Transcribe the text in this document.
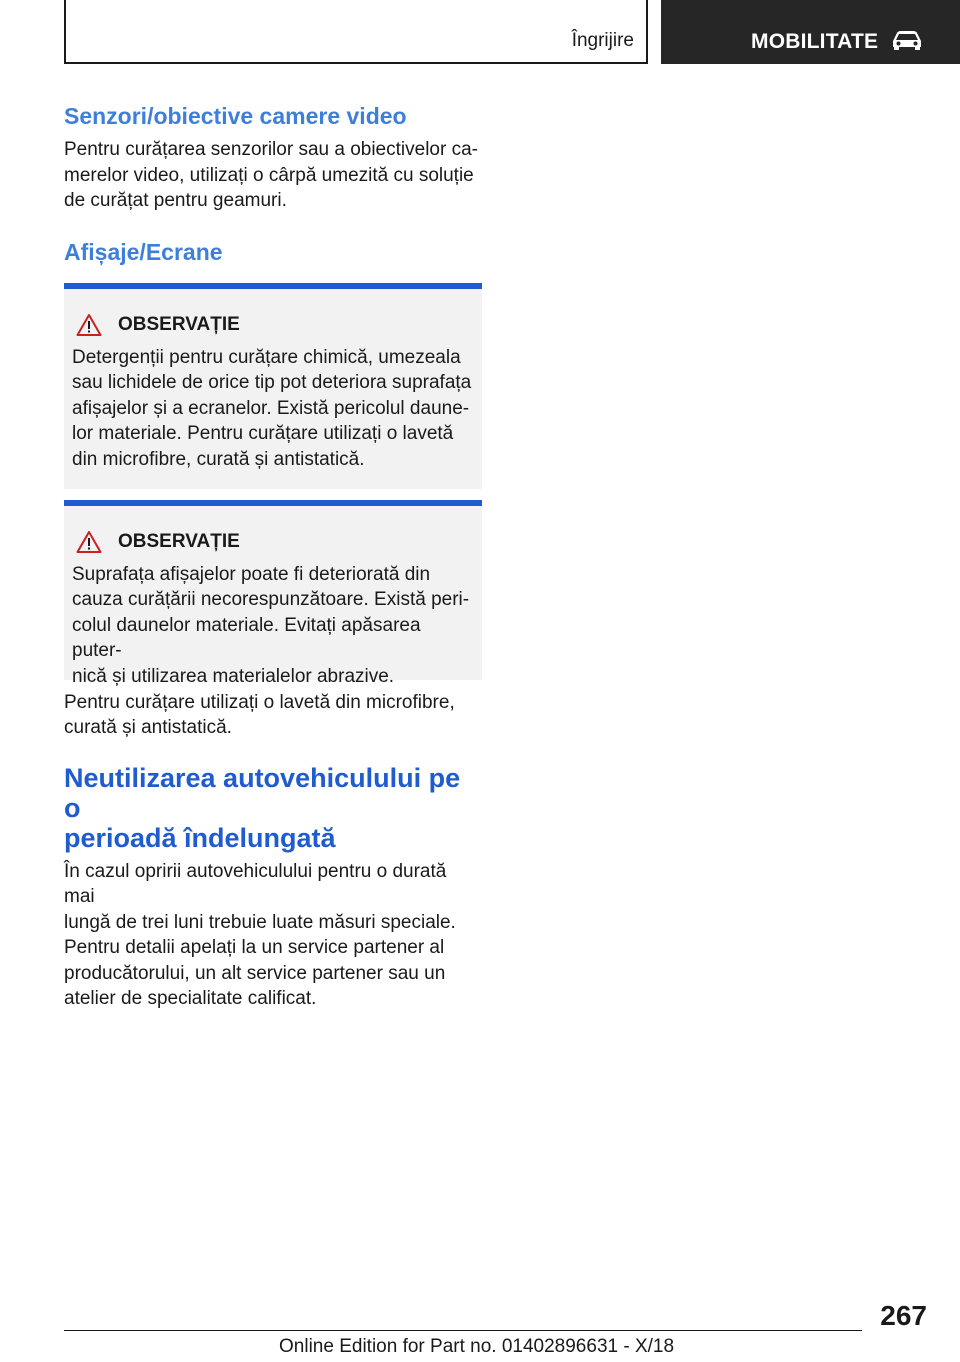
Îngrijire	MOBILITATE
Senzori/obiective camere video

Pentru curățarea senzorilor sau a obiectivelor ca-
merelor video, utilizați o cârpă umezită cu soluție
de curățat pentru geamuri.

Afișaje/Ecrane
OBSERVAȚIE

Detergenții pentru curățare chimică, umezeala
sau lichidele de orice tip pot deteriora suprafața
afișajelor și a ecranelor. Există pericolul daune-
lor materiale. Pentru curățare utilizați o lavetă
din microfibre, curată și antistatică.

OBSERVAȚIE

Suprafața afișajelor poate fi deteriorată din
cauza curățării necorespunzătoare. Există peri-
colul daunelor materiale. Evitați apăsarea puter-
nică și utilizarea materialelor abrazive.

Pentru curățare utilizați o lavetă din microfibre,
curată și antistatică.

Neutilizarea autovehiculului pe o
perioadă îndelungată

În cazul opririi autovehiculului pentru o durată mai
lungă de trei luni trebuie luate măsuri speciale.
Pentru detalii apelați la un service partener al
producătorului, un alt service partener sau un
atelier de specialitate calificat.

267
Online Edition for Part no. 01402896631 - X/18
